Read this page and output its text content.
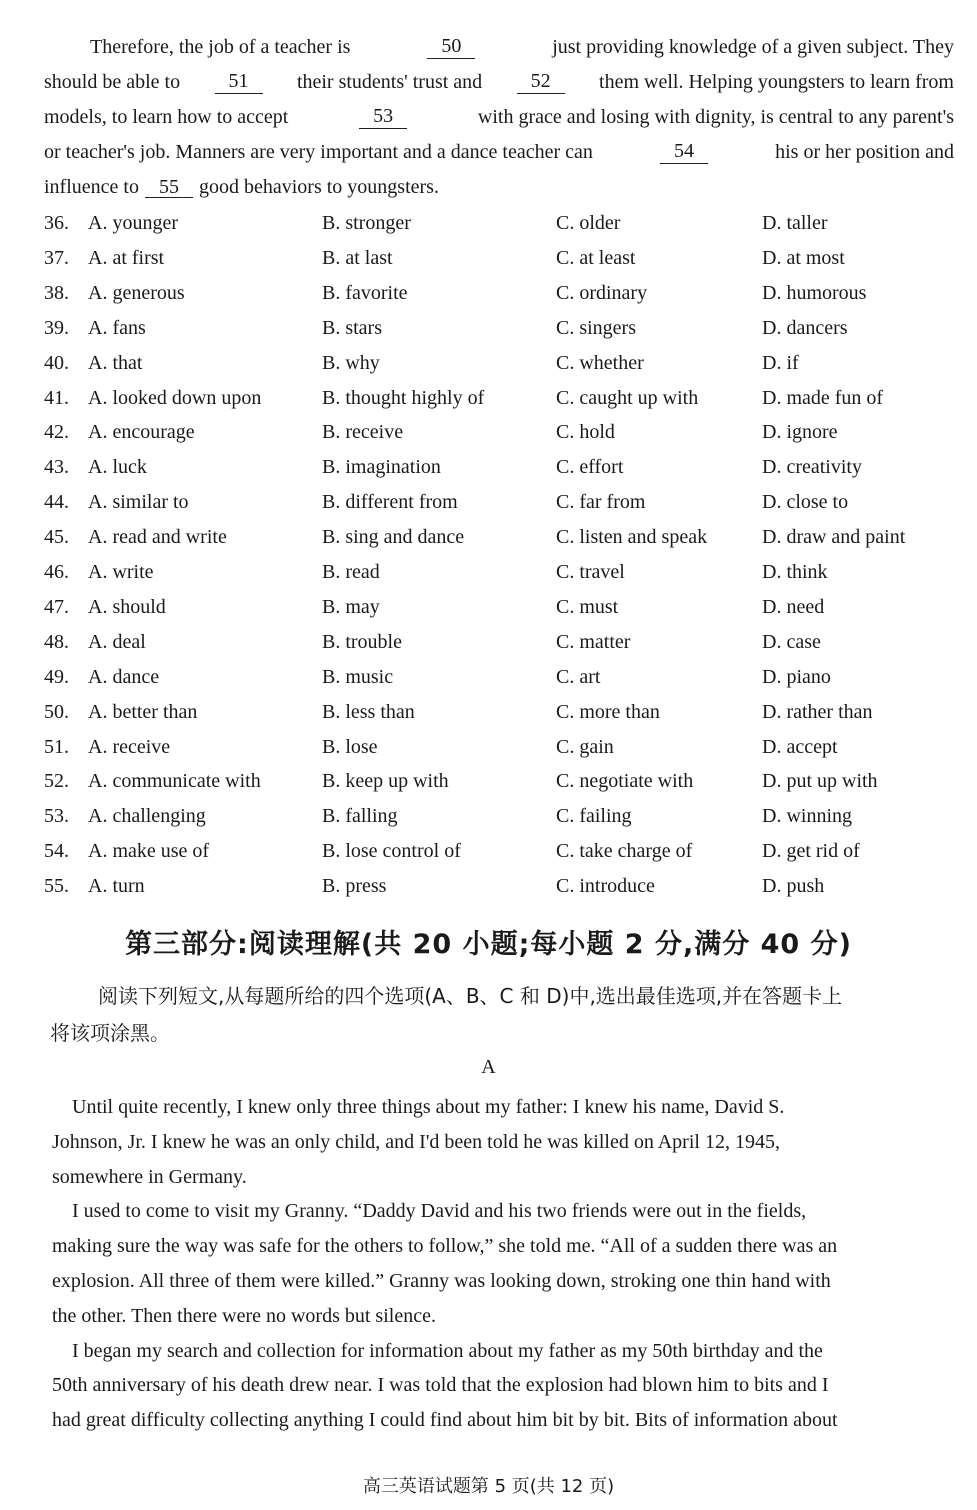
Therefore, the job of a teacher is	50	just providing knowledge of a given subject. They
should be able to	51	their students' trust and	52	them well. Helping youngsters to learn from
models, to learn how to accept	53	with grace and losing with dignity, is central to any parent's
or teacher's job. Manners are very important and a dance teacher can	54	his or her position and
influence to 55 good behaviors to youngsters.
36. A. younger	B. stronger	C. older	D. taller
37. A. at first	B. at last	C. at least	D. at most
38. A. generous	B. favorite	C. ordinary	D. humorous
39. A. fans	B. stars	C. singers	D. dancers
40. A. that	B. why	C. whether	D. if
41. A. looked down upon	B. thought highly of	C. caught up with	D. made fun of
42. A. encourage	B. receive	C. hold	D. ignore
43. A. luck	B. imagination	C. effort	D. creativity
44. A. similar to	B. different from	C. far from	D. close to
45. A. read and write	B. sing and dance	C. listen and speak	D. draw and paint
46. A. write	B. read	C. travel	D. think
47. A. should	B. may	C. must	D. need
48. A. deal	B. trouble	C. matter	D. case
49. A. dance	B. music	C. art	D. piano
50. A. better than	B. less than	C. more than	D. rather than
51. A. receive	B. lose	C. gain	D. accept
52. A. communicate with	B. keep up with	C. negotiate with	D. put up with
53. A. challenging	B. falling	C. failing	D. winning
54. A. make use of	B. lose control of	C. take charge of	D. get rid of
55. A. turn	B. press	C. introduce	D. push
第三部分:阅读理解(共 20 小题;每小题 2 分,满分 40 分)
阅读下列短文,从每题所给的四个选项(A、B、C 和 D)中,选出最佳选项,并在答题卡上
将该项涂黑。
A
Until quite recently, I knew only three things about my father: I knew his name, David S.
Johnson, Jr. I knew he was an only child, and I'd been told he was killed on April 12, 1945,
somewhere in Germany.
I used to come to visit my Granny. “Daddy David and his two friends were out in the fields,
making sure the way was safe for the others to follow,” she told me. “All of a sudden there was an
explosion. All three of them were killed.” Granny was looking down, stroking one thin hand with
the other. Then there were no words but silence.
I began my search and collection for information about my father as my 50th birthday and the
50th anniversary of his death drew near. I was told that the explosion had blown him to bits and I
had great difficulty collecting anything I could find about him bit by bit. Bits of information about
高三英语试题第 5 页(共 12 页)
